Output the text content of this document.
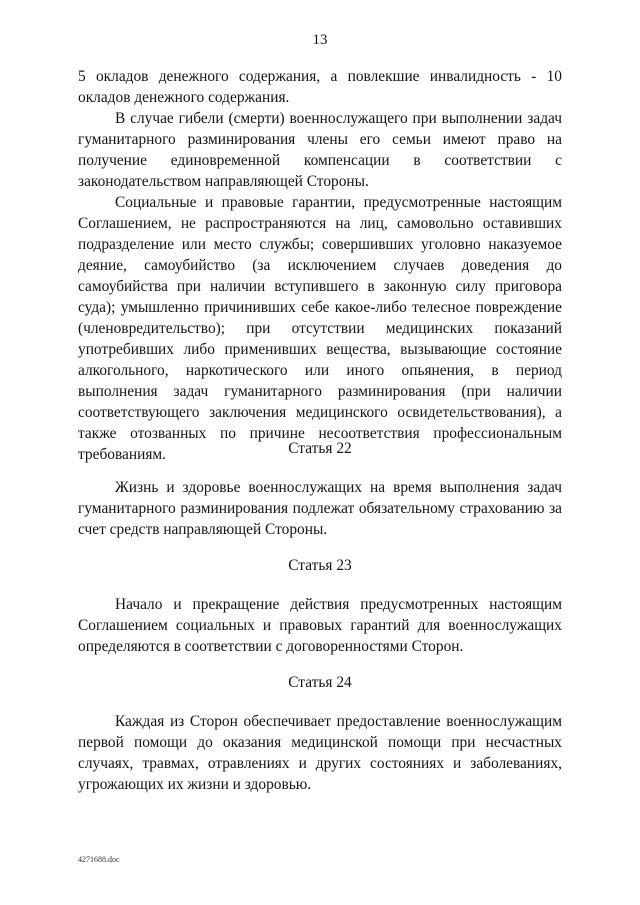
13

5 окладов денежного содержания, а повлекшие инвалидность - 10 окладов денежного содержания.

В случае гибели (смерти) военнослужащего при выполнении задач гуманитарного разминирования члены его семьи имеют право на получение единовременной компенсации в соответствии с законодательством направляющей Стороны.

Социальные и правовые гарантии, предусмотренные настоящим Соглашением, не распространяются на лиц, самовольно оставивших подразделение или место службы; совершивших уголовно наказуемое деяние, самоубийство (за исключением случаев доведения до самоубийства при наличии вступившего в законную силу приговора суда); умышленно причинивших себе какое-либо телесное повреждение (членовредительство); при отсутствии медицинских показаний употребивших либо применивших вещества, вызывающие состояние алкогольного, наркотического или иного опьянения, в период выполнения задач гуманитарного разминирования (при наличии соответствующего заключения медицинского освидетельствования), а также отозванных по причине несоответствия профессиональным требованиям.	Статья 22

Жизнь и здоровье военнослужащих на время выполнения задач гуманитарного разминирования подлежат обязательному страхованию за счет средств направляющей Стороны.

Статья 23

Начало и прекращение действия предусмотренных настоящим Соглашением социальных и правовых гарантий для военнослужащих определяются в соответствии с договоренностями Сторон.

Статья 24

Каждая из Сторон обеспечивает предоставление военнослужащим первой помощи до оказания медицинской помощи при несчастных случаях, травмах, отравлениях и других состояниях и заболеваниях, угрожающих их жизни и здоровью.

4271688.doc
